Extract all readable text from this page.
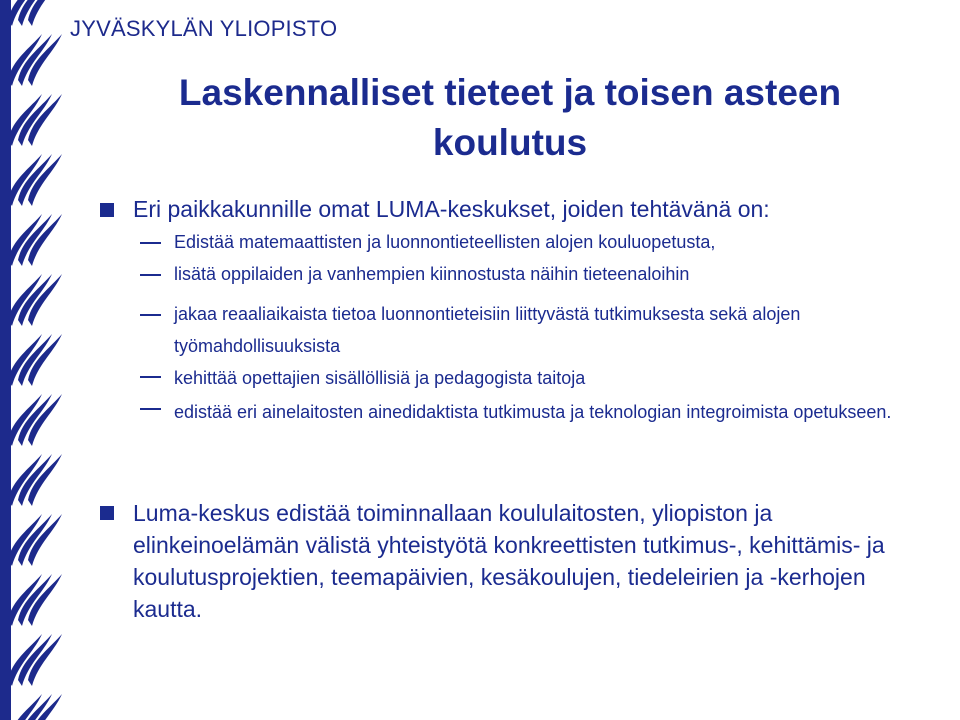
JYVÄSKYLÄN YLIOPISTO
Laskennalliset tieteet ja toisen asteen koulutus

Eri paikkakunnille omat LUMA-keskukset, joiden tehtävänä on:

Edistää matemaattisten ja luonnontieteellisten alojen kouluopetusta,

lisätä oppilaiden ja vanhempien kiinnostusta näihin tieteenaloihin

jakaa reaaliaikaista tietoa luonnontieteisiin liittyvästä tutkimuksesta sekä alojen työmahdollisuuksista

kehittää opettajien sisällöllisiä ja pedagogista taitoja

edistää eri ainelaitosten ainedidaktista tutkimusta ja teknologian integroimista opetukseen.

Luma-keskus edistää toiminnallaan koululaitosten, yliopiston ja elinkeinoelämän välistä yhteistyötä konkreettisten tutkimus-, kehittämis- ja koulutusprojektien, teemapäivien, kesäkoulujen, tiedeleirien ja -kerhojen kautta.
